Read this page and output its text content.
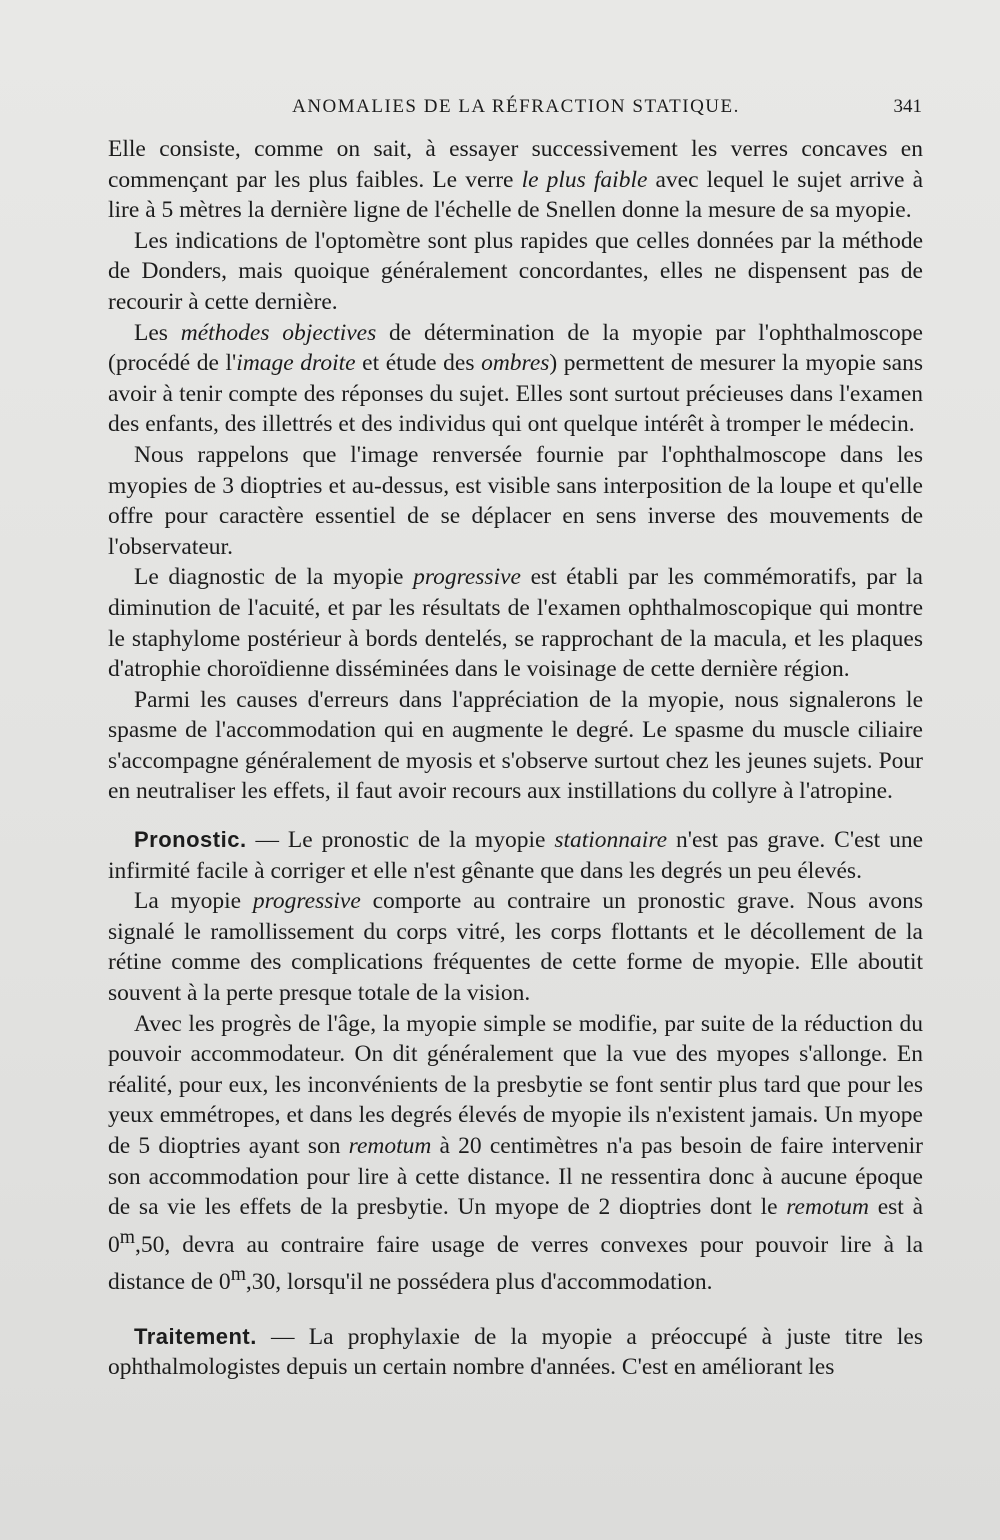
ANOMALIES DE LA RÉFRACTION STATIQUE.	341

Elle consiste, comme on sait, à essayer successivement les verres concaves en commençant par les plus faibles. Le verre le plus faible avec lequel le sujet arrive à lire à 5 mètres la dernière ligne de l'échelle de Snellen donne la mesure de sa myopie.

Les indications de l'optomètre sont plus rapides que celles données par la méthode de Donders, mais quoique généralement concordantes, elles ne dispensent pas de recourir à cette dernière.

Les méthodes objectives de détermination de la myopie par l'ophthalmoscope (procédé de l'image droite et étude des ombres) permettent de mesurer la myopie sans avoir à tenir compte des réponses du sujet. Elles sont surtout précieuses dans l'examen des enfants, des illettrés et des individus qui ont quelque intérêt à tromper le médecin.

Nous rappelons que l'image renversée fournie par l'ophthalmoscope dans les myopies de 3 dioptries et au-dessus, est visible sans interposition de la loupe et qu'elle offre pour caractère essentiel de se déplacer en sens inverse des mouvements de l'observateur.

Le diagnostic de la myopie progressive est établi par les commémoratifs, par la diminution de l'acuité, et par les résultats de l'examen ophthalmoscopique qui montre le staphylome postérieur à bords dentelés, se rapprochant de la macula, et les plaques d'atrophie choroïdienne disséminées dans le voisinage de cette dernière région.

Parmi les causes d'erreurs dans l'appréciation de la myopie, nous signalerons le spasme de l'accommodation qui en augmente le degré. Le spasme du muscle ciliaire s'accompagne généralement de myosis et s'observe surtout chez les jeunes sujets. Pour en neutraliser les effets, il faut avoir recours aux instillations du collyre à l'atropine.

Pronostic. — Le pronostic de la myopie stationnaire n'est pas grave. C'est une infirmité facile à corriger et elle n'est gênante que dans les degrés un peu élevés.

La myopie progressive comporte au contraire un pronostic grave. Nous avons signalé le ramollissement du corps vitré, les corps flottants et le décollement de la rétine comme des complications fréquentes de cette forme de myopie. Elle aboutit souvent à la perte presque totale de la vision.

Avec les progrès de l'âge, la myopie simple se modifie, par suite de la réduction du pouvoir accommodateur. On dit généralement que la vue des myopes s'allonge. En réalité, pour eux, les inconvénients de la presbytie se font sentir plus tard que pour les yeux emmétropes, et dans les degrés élevés de myopie ils n'existent jamais. Un myope de 5 dioptries ayant son remotum à 20 centimètres n'a pas besoin de faire intervenir son accommodation pour lire à cette distance. Il ne ressentira donc à aucune époque de sa vie les effets de la presbytie. Un myope de 2 dioptries dont le remotum est à 0$^m$,50, devra au contraire faire usage de verres convexes pour pouvoir lire à la distance de 0$^m$,30, lorsqu'il ne possédera plus d'accommodation.

Traitement. — La prophylaxie de la myopie a préoccupé à juste titre les ophthalmologistes depuis un certain nombre d'années. C'est en améliorant les
